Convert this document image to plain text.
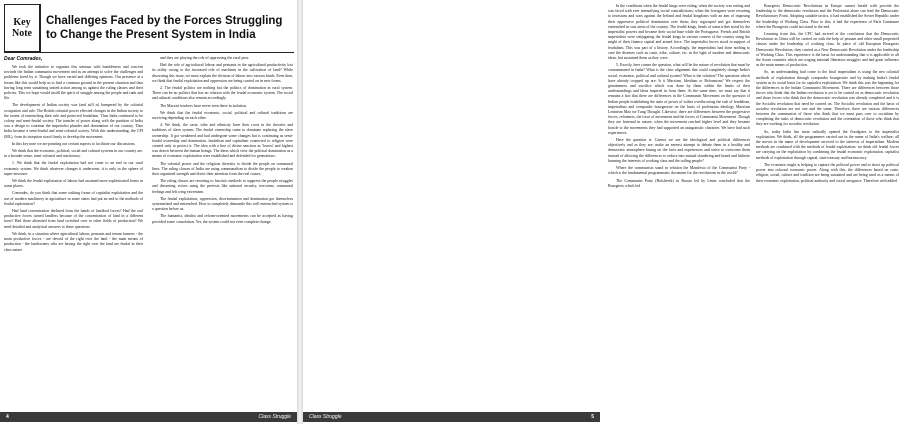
Key
Note
Challenges Faced by the Forces Struggling to Change the Present System in India

Dear Comrades,

We took the initiative to organize this seminar with humbleness and concern towards the Indian communist movement and as an attempt to solve the challenges and problems faced by it. Though we have varied and differing opinions. Our presence at a forum like this would help us to find a common ground in the present situation and thus having long term sustaining united action among us against the ruling classes and their policies. This we hope would instill the spirit of struggle among the people and rank and file.

The development of Indian society was (and still is) hampered by the colonial occupation and rule. The British colonial power effected changes in the Indian society to the extent of entrenching their rule and protected feudalism. Thus India continued to be colony and semi-feudal society. The transfer of power along with the partition of India was a design to continue the imperialist plunder and domination of our country. Thus India became a semi-feudal and semi-colonial society. With this understanding, the CPI (ML), from its inception stood firmly to develop the movement.

In this key note we are pointing out certain aspects to facilitate our discussions.

We think that the economic, political, social and cultural systems in our country are, in a broader sense, semi-colonial and reactionary.

1. We think that the feudal exploitation had not come to an end in our rural economic system. We think whatever changes it underwent, it is only in the sphere of super-structure.

We think the feudal exploitation of labour had assumed more sophisticated forms in some places.

Comrades, do you think that some striking forms of capitalist exploitation and the use of modern machinery in agriculture in some states had put an end to the methods of feudal exploitation?

Had land concentration declined from the hands of landlord forces? Had the real productive forces turned landless because of the concentration of land in a different form? Had those alienated from land switched over to other fields of production? We need detailed and analytical answers to these questions.

We think, in a situation where agricultural labour, peasants and tenant farmers - the main productive forces - are devoid of the right over the land - the main means of production - the landowners who are having the right over the land are feudal in their class nature

and they are playing the role of oppressing the rural poor.

Had the role of agricultural labour and peasants in the agricultural productivity lost its utility owing to the increased role of machines in the cultivation of land? While discussing this issue, we must explain the division of labour into various kinds. Even then, we think that feudal exploitation and oppression are being carried on in new forms.

2. The feudal politics are nothing but the politics of domination in rural system. There can be no politics that has no relation with the feudal economic system. The social and cultural conditions also remain accordingly.

The Marxist teachers have never seen these in isolation.

We think that the feudal economic, social, political and cultural traditions are surviving depending on each other.

4. We think, the caste, tribe and ethnicity have their roots in the theories and traditions of slave system. The feudal ownership came to dominate replacing the slave ownership. It got weakened and had undergone some changes but is continuing as semi-feudal ownership and domination. feudalism and capitalism connected to religion were created only to protect it. The idea with a line of divine sanction as 'lowest' and highest was drawn between the human beings. The ideas which view the political domination as a means of economic exploitation were established and defended for generations.

The colonial power and the religious diversity to divide the people on communal lines. The ruling classes of India are using communalism to divide the people to weaken their organized strength and divert their attention from the real causes.

The ruling classes are resorting to fascistic methods to suppress the people struggles and dissenting voices using the pretexts like national security, terrorism, communal feelings and left wing extremism.

The feudal exploitation, oppression, discrimination and domination got themselves systematized and entrenched. How to completely dismantle this well entrenched system is a question before us.

The humanist, idealist and reform-oriented movements can be accepted as having provided some consolation. Yet, the system could not even complete change.

In the conditions when the feudal kings were ruling; when the society was rotting and was faced with ever intensifying social contradictions; when the foreigners were resorting to invasions and wars against the Ireland and feudal kingdoms with an aim of imposing their oppressive political domination over them; they regrouped and got themselves entrenched in vast areas of the country. The feudal kings, heads of some tribes stood by the imperialist powers and became their social base while the Portuguese, French and British imperialists were subjugating the feudal kings in various corners of the country using the might of their finance capital and armed force. The imperialist forces stood in support of feudalism. This was part of a history. Accordingly, the imperialists had done nothing to cure the diseases such as caste, tribe, culture, etc. in the light of modern and democratic ideas, but sustained them as they were.

5. Exactly, here comes the question, what will be the nature of revolution that must be consummated in India? What is the class alignment that could completely change India's social, economic, political and cultural system? What is the solution? The questions which have already cropped up are: Is it Marxism, Idealism or Reformism? We respect the genuineness and sacrifice which was done by them within the limits of their understandings and ideas inspired in from them. At the same time, we must say that it remains a fact that there are differences in the Communist Movement on the question of Indian people establishing the state of power of toilers overthrowing the rule of feudalism, imperialism and comprador bourgeoisie on the basis of proletarian ideology Marxism Leninism Mao tse Tung Thought. Likewise, there are differences between the progressive forces, reformers, the force of movement and the forces of Communist Movement. Though they are fraternal in nature, when the movement reached higher level and they became hostile to the movements they had supported an antagonistic character. We have had such experiences.

Here the question is: Cannot we see the ideological and political differences objectively and as they are; make an earnest attempt to debate them in a healthy and democratic atmosphere basing on the facts and experiences and strive to overcome them instead of allowing the differences to reduce into mutual slandering and brand and hitherto harming the interests of working class and the toiling people?

Where the communists stand in relation the Manifesto of the Communist Party - which is the fundamental programmatic document for the revolutions in the world?

The Communist Party (Bolshevik) in Russia led by Lenin concluded that the Bourgeois which led

Bourgeois Democratic Revolutions in Europe cannot herald with provide the leadership to the democratic revolution and the Proletariat alone can lead the Democratic Revolutionary Front. Adopting suitable tactics, it had established the Soviet Republic under the leadership of Working Class. Prior to this, it had the experience of Paris Commune where the Bourgeois could not stand to the end.

Learning from this, the CPC had arrived at the conclusion that the Democratic Revolution in China will be carried on with the help of peasant and other small propertied classes under the leadership of working class. In place of old European Bourgeois Democratic Revolution, they carried as a New Democratic Revolution under the leadership of Working Class. This experience is the basis for understanding that it is applicable to all the Asian countries which are waging national liberation struggles and had great influence as the main means of production.

So, an understanding had come to the final imperialism is using the neo colonial methods of exploitation through comprador bourgeoisie and by making India's feudal system as its social basis for its capitalist exploitation. We think this was the beginning for the differences in the Indian Communist Movement. There are differences between those forces who think that the Indian revolution is yet to be carried on as democratic revolution and those forces who think that the democratic revolution was already completed and it is the Socialist revolution that need be carried on. The Socialist revolution and the basis of socialist revolution are not one and the same. Therefore, there are various differences between the communists of those who think that we must pass over to socialism by completing the tasks of democratic revolution and the orientation of those who think that they are working for socialist revolution.

So, today India has more radically opened the floodgates to the imperialist exploitation. We think, all the programmes carried out in the name of India's welfare; all the moves in the name of development serviced to the interests of imperialism. Modern methods are combined with the methods of feudal exploitation; we think old feudal forces are carrying on the exploitation by combining the feudal economic exploitation, capitalist methods of exploitation through capital, state treasury and bureaucracy.

The economic might is helping to capture the political power and to shoot up political power into colossal economic power. Along with this, the differences based on caste, religion, social, culture and tradition are being sustained and are being used as a means of their economic exploitation, political authority and social arrogance. Therefore with added

4	Class Struggle	Class Struggle	5
